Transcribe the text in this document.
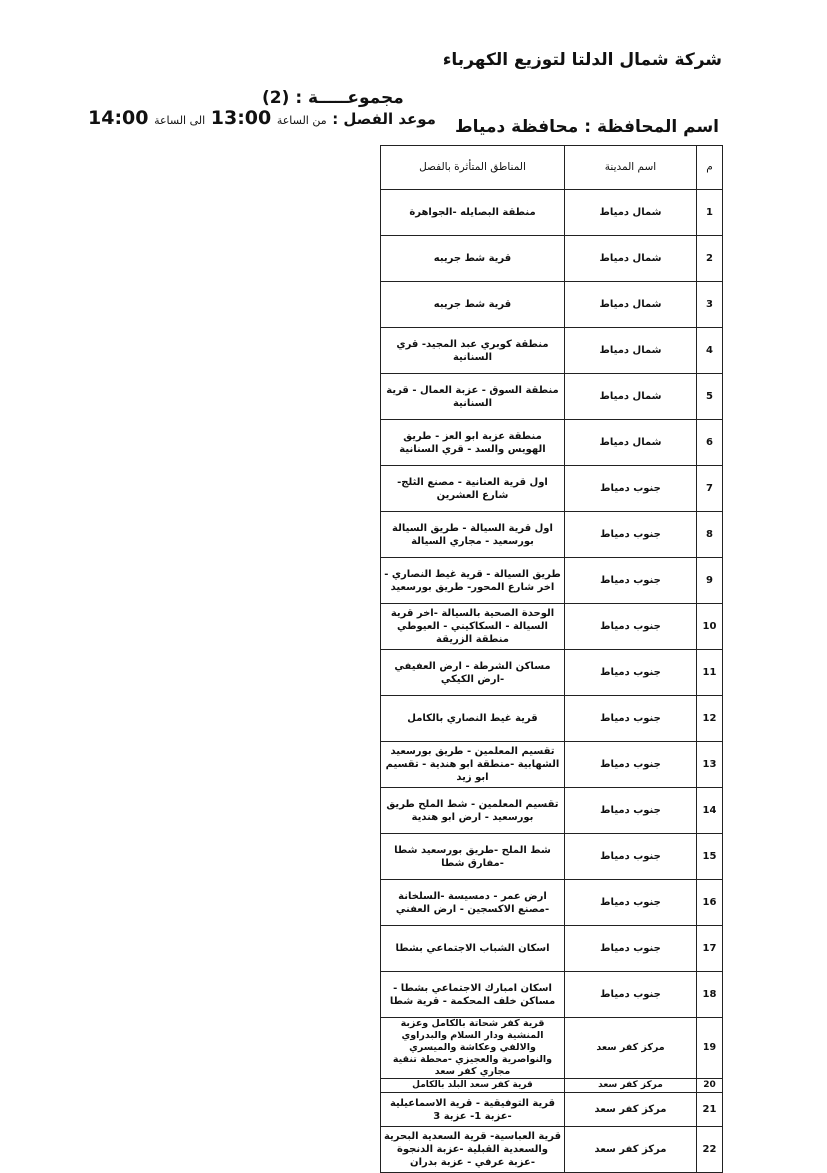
شركة شمال الدلتا لتوزيع الكهرباء
مجموعـــــة : (2)
موعد الفصل : من الساعة 13:00 الى الساعة 14:00	اسم المحافظة : محافظة دمياط
م	اسم المدينة	المناطق المتأثرة بالفصل
1	شمال دمياط	منطقة البصايله -الجواهرة
2	شمال دمياط	قرية شط جريبه
3	شمال دمياط	قرية شط جريبه
4	شمال دمياط	منطقة كوبري عبد المجيد- قري السنانية
5	شمال دمياط	منطقة السوق - عزبة العمال - قرية السنانية
6	شمال دمياط	منطقة عزبة ابو العز - طريق الهويس والسد - قري السنانية
7	جنوب دمياط	اول قرية العنانية - مصنع الثلج- شارع العشرين
8	جنوب دمياط	اول قرية السيالة - طريق السيالة بورسعيد - مجاري السيالة
9	جنوب دمياط	طريق السيالة - قرية غيط النصاري - اخر شارع المحور- طريق بورسعيد
10	جنوب دمياط	الوحدة الصحية بالسيالة -اخر قرية السيالة - السكاكيني - العيوطي منطقة الزريقة
11	جنوب دمياط	مساكن الشرطة - ارض العفيفي -ارض الكيكي
12	جنوب دمياط	قرية غيط النصاري بالكامل
13	جنوب دمياط	تقسيم المعلمين - طريق بورسعيد الشهابية -منطقة ابو هندية - تقسيم ابو زيد
14	جنوب دمياط	تقسيم المعلمين - شط الملح طريق بورسعيد - ارض ابو هندية
15	جنوب دمياط	شط الملح -طريق بورسعيد شطا -مفارق شطا
16	جنوب دمياط	ارض عمر - دمسيسة -السلخانة -مصنع الاكسجين - ارض العفني
17	جنوب دمياط	اسكان الشباب الاجتماعي بشطا
18	جنوب دمياط	اسكان امبارك الاجتماعي بشطا - مساكن خلف المحكمة - قرية شطا
19	مركز كفر سعد	قرية كفر شحاتة بالكامل وعزبة المنشية ودار السلام والبدراوي والالفي وعكاشة والميسري والنواصرية والعجيزي -محطة تنقية مجاري كفر سعد
20	مركز كفر سعد	قرية كفر سعد البلد بالكامل
21	مركز كفر سعد	قرية التوفيقية - قرية الاسماعيلية -عزبة 1- عزبة 3
22	مركز كفر سعد	قرية العباسية- قرية السعدية البحرية والسعدية القبلية -عزبة الدنجوة -عزبة عرفي - عزبة بدران
